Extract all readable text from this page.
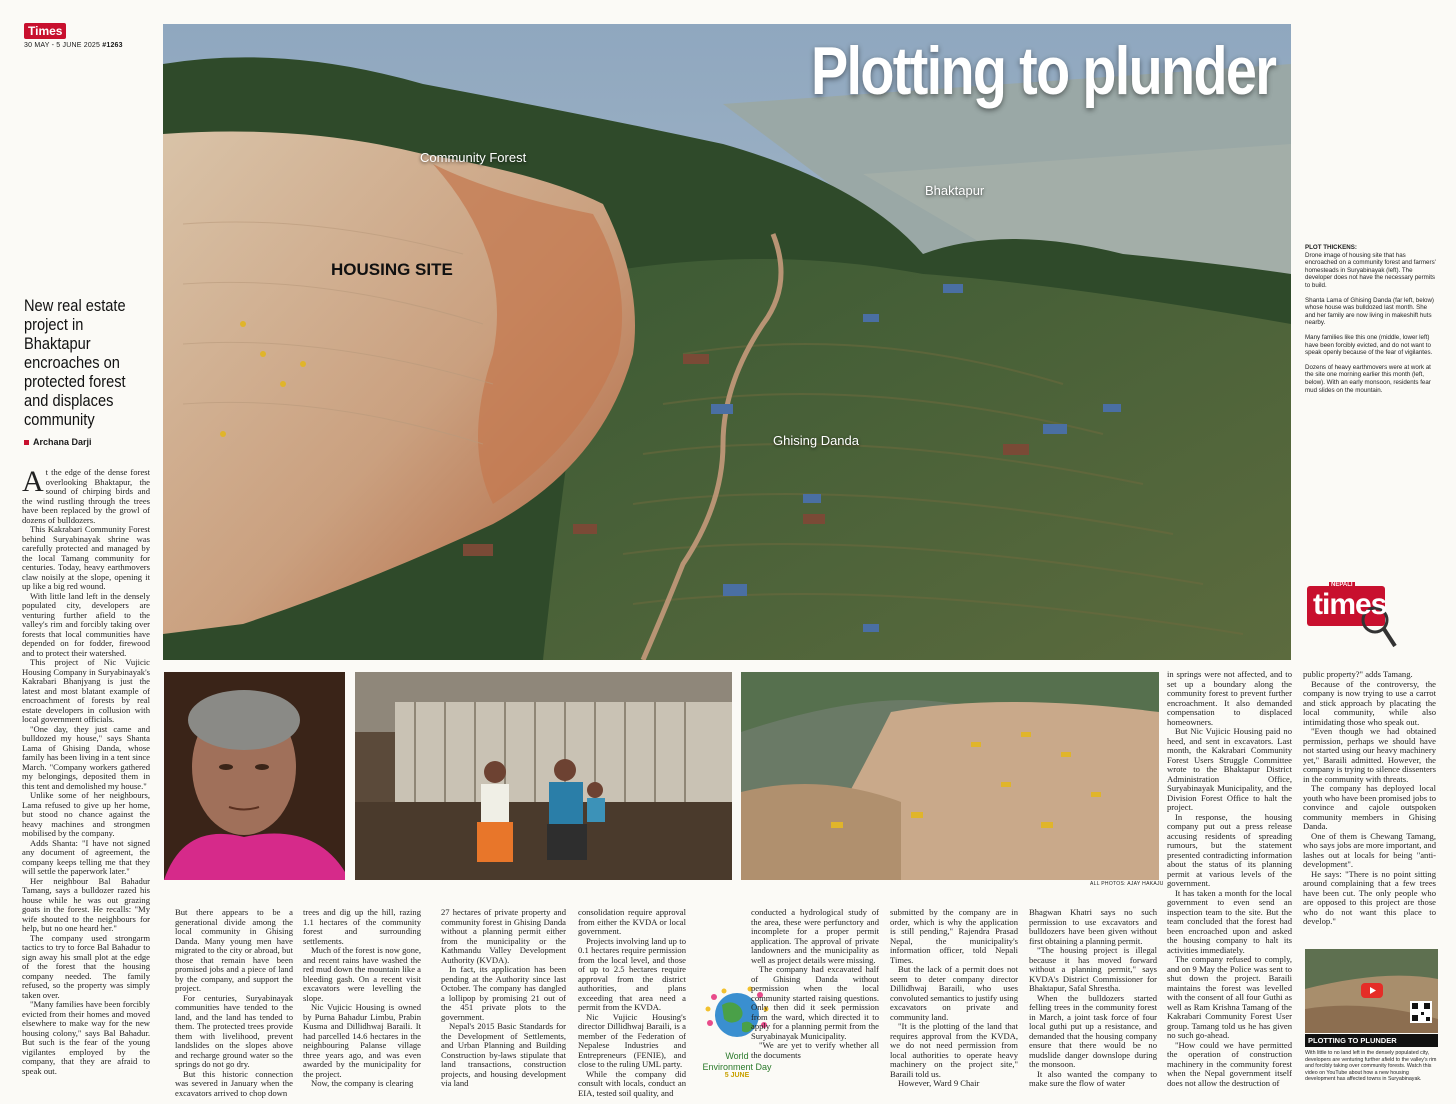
Times
30 MAY - 5 JUNE 2025 #1263	Plotting to plunder
Community Forest
Bhaktapur
HOUSING SITE
Ghising Danda
New real estate project in Bhaktapur encroaches on protected forest and displaces community
Archana Darji
A t the edge of the dense forest overlooking Bhaktapur, the sound of chirping birds and the wind rustling through the trees have been replaced by the growl of dozens of bulldozers.

This Kakrabari Community Forest behind Suryabinayak shrine was carefully protected and managed by the local Tamang community for centuries. Today, heavy earthmovers claw noisily at the slope, opening it up like a big red wound.

With little land left in the densely populated city, developers are venturing further afield to the valley's rim and forcibly taking over forests that local communities have depended on for fodder, firewood and to protect their watershed.

This project of Nic Vujicic Housing Company in Suryabinayak's Kakrabari Bhanjyang is just the latest and most blatant example of encroachment of forests by real estate developers in collusion with local government officials.

"One day, they just came and bulldozed my house," says Shanta Lama of Ghising Danda, whose family has been living in a tent since March. "Company workers gathered my belongings, deposited them in this tent and demolished my house."

Unlike some of her neighbours, Lama refused to give up her home, but stood no chance against the heavy machines and strongmen mobilised by the company.

Adds Shanta: "I have not signed any document of agreement, the company keeps telling me that they will settle the paperwork later."

Her neighbour Bal Bahadur Tamang, says a bulldozer razed his house while he was out grazing goats in the forest. He recalls: "My wife shouted to the neighbours for help, but no one heard her."

The company used strongarm tactics to try to force Bal Bahadur to sign away his small plot at the edge of the forest that the housing company needed. The family refused, so the property was simply taken over.

"Many families have been forcibly evicted from their homes and moved elsewhere to make way for the new housing colony," says Bal Bahadur. But such is the fear of the young vigilantes employed by the company, that they are afraid to speak out.

ALL PHOTOS: AJAY HAKAJU

PLOT THICKENS:
Drone image of housing site that has encroached on a community forest and farmers' homesteads in Suryabinayak (left). The developer does not have the necessary permits to build.

Shanta Lama of Ghising Danda (far left, below) whose house was bulldozed last month. She and her family are now living in makeshift huts nearby.

Many families like this one (middle, lower left) have been forcibly evicted, and do not want to speak openly because of the fear of vigilantes.

Dozens of heavy earthmovers were at work at the site one morning earlier this month (left, below). With an early monsoon, residents fear mud slides on the mountain.

NEPALI
times

But there appears to be a generational divide among the local community in Ghising Danda. Many young men have migrated to the city or abroad, but those that remain have been promised jobs and a piece of land by the company, and support the project.

For centuries, Suryabinayak communities have tended to the land, and the land has tended to them. The protected trees provide them with livelihood, prevent landslides on the slopes above and recharge ground water so the springs do not go dry.

But this historic connection was severed in January when the excavators arrived to chop down

trees and dig up the hill, razing 1.1 hectares of the community forest and surrounding settlements.

Much of the forest is now gone, and recent rains have washed the red mud down the mountain like a bleeding gash. On a recent visit excavators were levelling the slope.

Nic Vujicic Housing is owned by Purna Bahadur Limbu, Prabin Kusma and Dillidhwaj Baraili. It had parcelled 14.6 hectares in the neighbouring Palanse village three years ago, and was even awarded by the municipality for the project.

Now, the company is clearing

27 hectares of private property and community forest in Ghising Danda without a planning permit either from the municipality or the Kathmandu Valley Development Authority (KVDA).

In fact, its application has been pending at the Authority since last October. The company has dangled a lollipop by promising 21 out of the 451 private plots to the government.

Nepal's 2015 Basic Standards for the Development of Settlements, and Urban Planning and Building Construction by-laws stipulate that land transactions, construction projects, and housing development via land

consolidation require approval from either the KVDA or local government.

Projects involving land up to 0.1 hectares require permission from the local level, and those of up to 2.5 hectares require approval from the district authorities, and plans exceeding that area need a permit from the KVDA.

Nic Vujicic Housing's director Dillidhwaj Baraili, is a member of the Federation of Nepalese Industries and Entrepreneurs (FENIE), and close to the ruling UML party.

While the company did consult with locals, conduct an EIA, tested soil quality, and

World
Environment Day
5 JUNE

conducted a hydrological study of the area, these were perfunctory and incomplete for a proper permit application. The approval of private landowners and the municipality as well as project details were missing.

The company had excavated half of Ghising Danda without permission when the local community started raising questions. Only then did it seek permission from the ward, which directed it to apply for a planning permit from the Suryabinayak Municipality.

"We are yet to verify whether all the documents

submitted by the company are in order, which is why the application is still pending," Rajendra Prasad Nepal, the municipality's information officer, told Nepali Times.

But the lack of a permit does not seem to deter company director Dillidhwaj Baraili, who uses convoluted semantics to justify using excavators on private and community land.

"It is the plotting of the land that requires approval from the KVDA, we do not need permission from local authorities to operate heavy machinery on the project site," Baraili told us.

However, Ward 9 Chair

Bhagwan Khatri says no such permission to use excavators and bulldozers have been given without first obtaining a planning permit.

"The housing project is illegal because it has moved forward without a planning permit," says KVDA's District Commissioner for Bhaktapur, Safal Shrestha.

When the bulldozers started felling trees in the community forest in March, a joint task force of four local guthi put up a resistance, and demanded that the housing company ensure that there would be no mudslide danger downslope during the monsoon.

It also wanted the company to make sure the flow of water

in springs were not affected, and to set up a boundary along the community forest to prevent further encroachment. It also demanded compensation to displaced homeowners.

But Nic Vujicic Housing paid no heed, and sent in excavators. Last month, the Kakrabari Community Forest Users Struggle Committee wrote to the Bhaktapur District Administration Office, Suryabinayak Municipality, and the Division Forest Office to halt the project.

In response, the housing company put out a press release accusing residents of spreading rumours, but the statement presented contradicting information about the status of its planning permit at various levels of the government.

It has taken a month for the local government to even send an inspection team to the site. But the team concluded that the forest had been encroached upon and asked the housing company to halt its activities immediately.

The company refused to comply, and on 9 May the Police was sent to shut down the project. Baraili maintains the forest was levelled with the consent of all four Guthi as well as Ram Krishna Tamang of the Kakrabari Community Forest User group. Tamang told us he has given no such go-ahead.

"How could we have permitted the operation of construction machinery in the community forest when the Nepal government itself does not allow the destruction of

public property?" adds Tamang.

Because of the controversy, the company is now trying to use a carrot and stick approach by placating the local community, while also intimidating those who speak out.

"Even though we had obtained permission, perhaps we should have not started using our heavy machinery yet," Baraili admitted. However, the company is trying to silence dissenters in the community with threats.

The company has deployed local youth who have been promised jobs to convince and cajole outspoken community members in Ghising Danda.

One of them is Chewang Tamang, who says jobs are more important, and lashes out at locals for being "anti-development".

He says: "There is no point sitting around complaining that a few trees have been cut. The only people who are opposed to this project are those who do not want this place to develop."

PLOTTING TO PLUNDER
With little to no land left in the densely populated city, developers are venturing further afield to the valley's rim and forcibly taking over community forests. Watch this video on YouTube about how a new housing development has affected towns in Suryabinayak.
